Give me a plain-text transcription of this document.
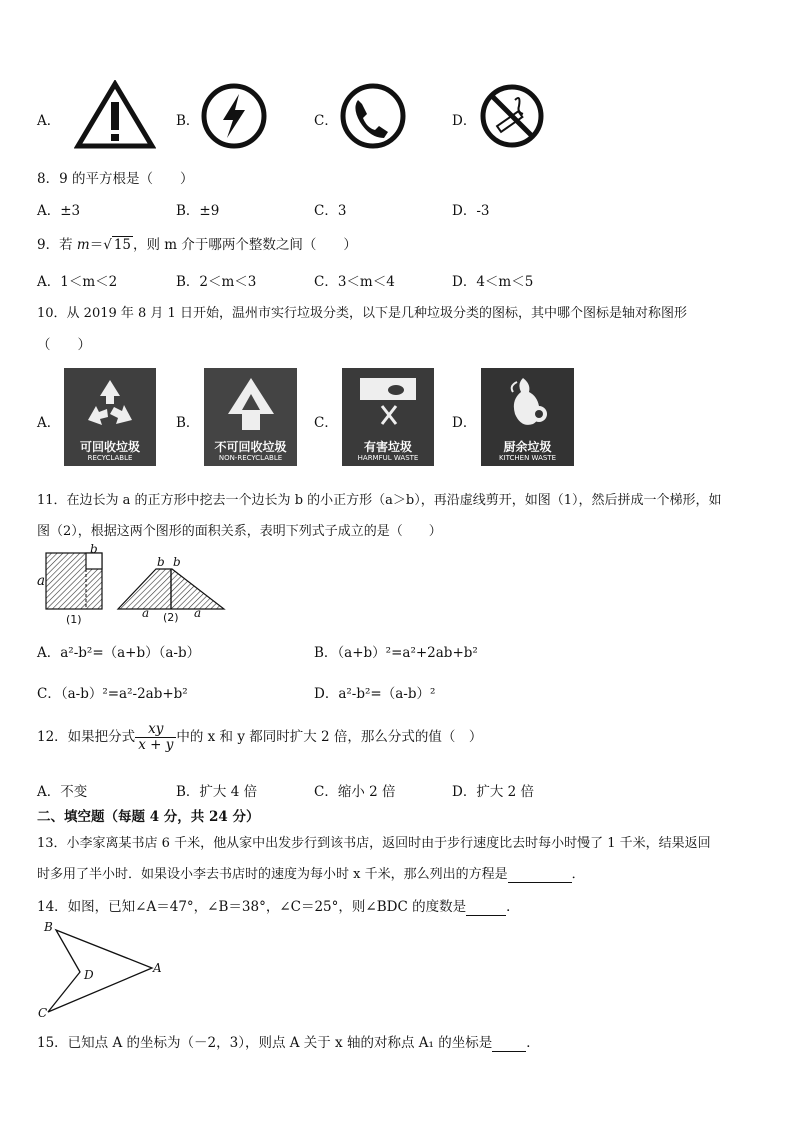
A．	B．	C．	D．
8．9 的平方根是（　　）
A．±3	B．±9	C．3	D．-3
9．若 m＝√ 15 ，则 m 介于哪两个整数之间（　　）
A．1＜m＜2	B．2＜m＜3	C．3＜m＜4	D．4＜m＜5
10．从 2019 年 8 月 1 日开始，温州市实行垃圾分类，以下是几种垃圾分类的图标，其中哪个图标是轴对称图形
（　　）
A．
可回收垃圾
RECYCLABLE
B．
不可回收垃圾
NON-RECYCLABLE
C．
有害垃圾
HARMFUL WASTE
D．
厨余垃圾
KITCHEN WASTE
11．在边长为 a 的正方形中挖去一个边长为 b 的小正方形（a＞b），再沿虚线剪开，如图（1），然后拼成一个梯形，如
图（2），根据这两个图形的面积关系，表明下列式子成立的是（　　）
a
b
(1)
b b
a (2) a
A．a²-b²=（a+b）（a-b）	B．（a+b）²=a²+2ab+b²
C．（a-b）²=a²-2ab+b²	D．a²-b²=（a-b）²
12．如果把分式 $\frac{xy}{x + y}$ 中的 x 和 y 都同时扩大 2 倍，那么分式的值（　）
A．不变	B．扩大 4 倍	C．缩小 2 倍	D．扩大 2 倍
二、填空题（每题 4 分，共 24 分）
13．小李家离某书店 6 千米，他从家中出发步行到该书店，返回时由于步行速度比去时每小时慢了 1 千米，结果返回
时多用了半小时．如果设小李去书店时的速度为每小时 x 千米，那么列出的方程是	．
14．如图，已知∠A＝47°，∠B＝38°，∠C＝25°，则∠BDC 的度数是	．
B
A
D
C
15．已知点 A 的坐标为（－2，3），则点 A 关于 x 轴的对称点 A₁ 的坐标是	．
